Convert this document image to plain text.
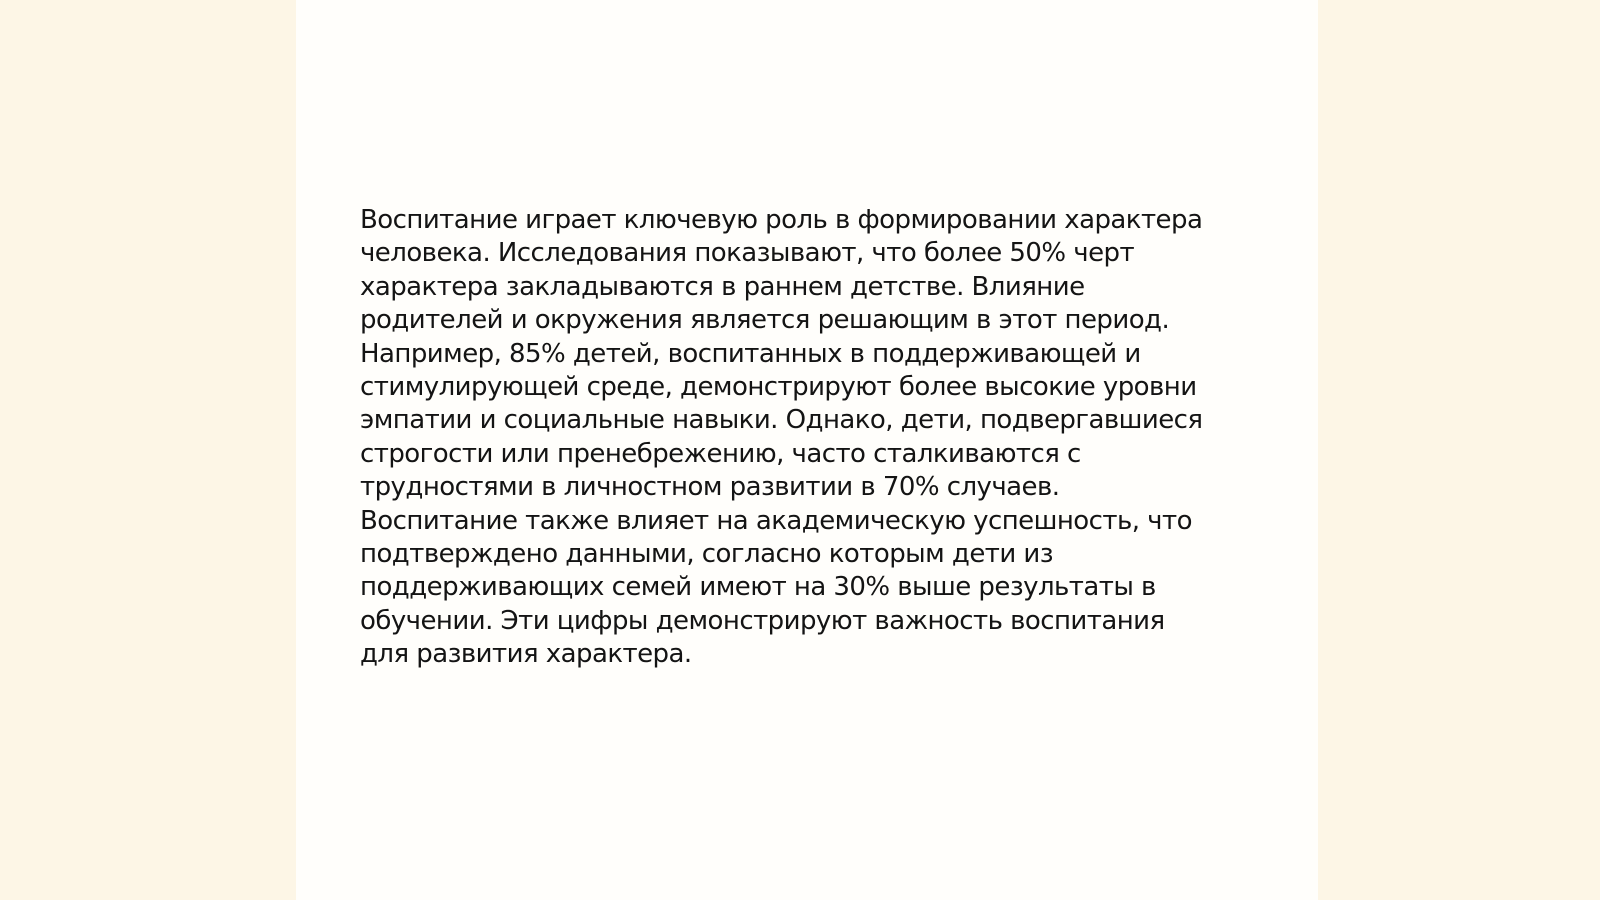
Воспитание играет ключевую роль в формировании характера
человека. Исследования показывают, что более 50% черт
характера закладываются в раннем детстве. Влияние
родителей и окружения является решающим в этот период.
Например, 85% детей, воспитанных в поддерживающей и
стимулирующей среде, демонстрируют более высокие уровни
эмпатии и социальные навыки. Однако, дети, подвергавшиеся
строгости или пренебрежению, часто сталкиваются с
трудностями в личностном развитии в 70% случаев.
Воспитание также влияет на академическую успешность, что
подтверждено данными, согласно которым дети из
поддерживающих семей имеют на 30% выше результаты в
обучении. Эти цифры демонстрируют важность воспитания
для развития характера.
